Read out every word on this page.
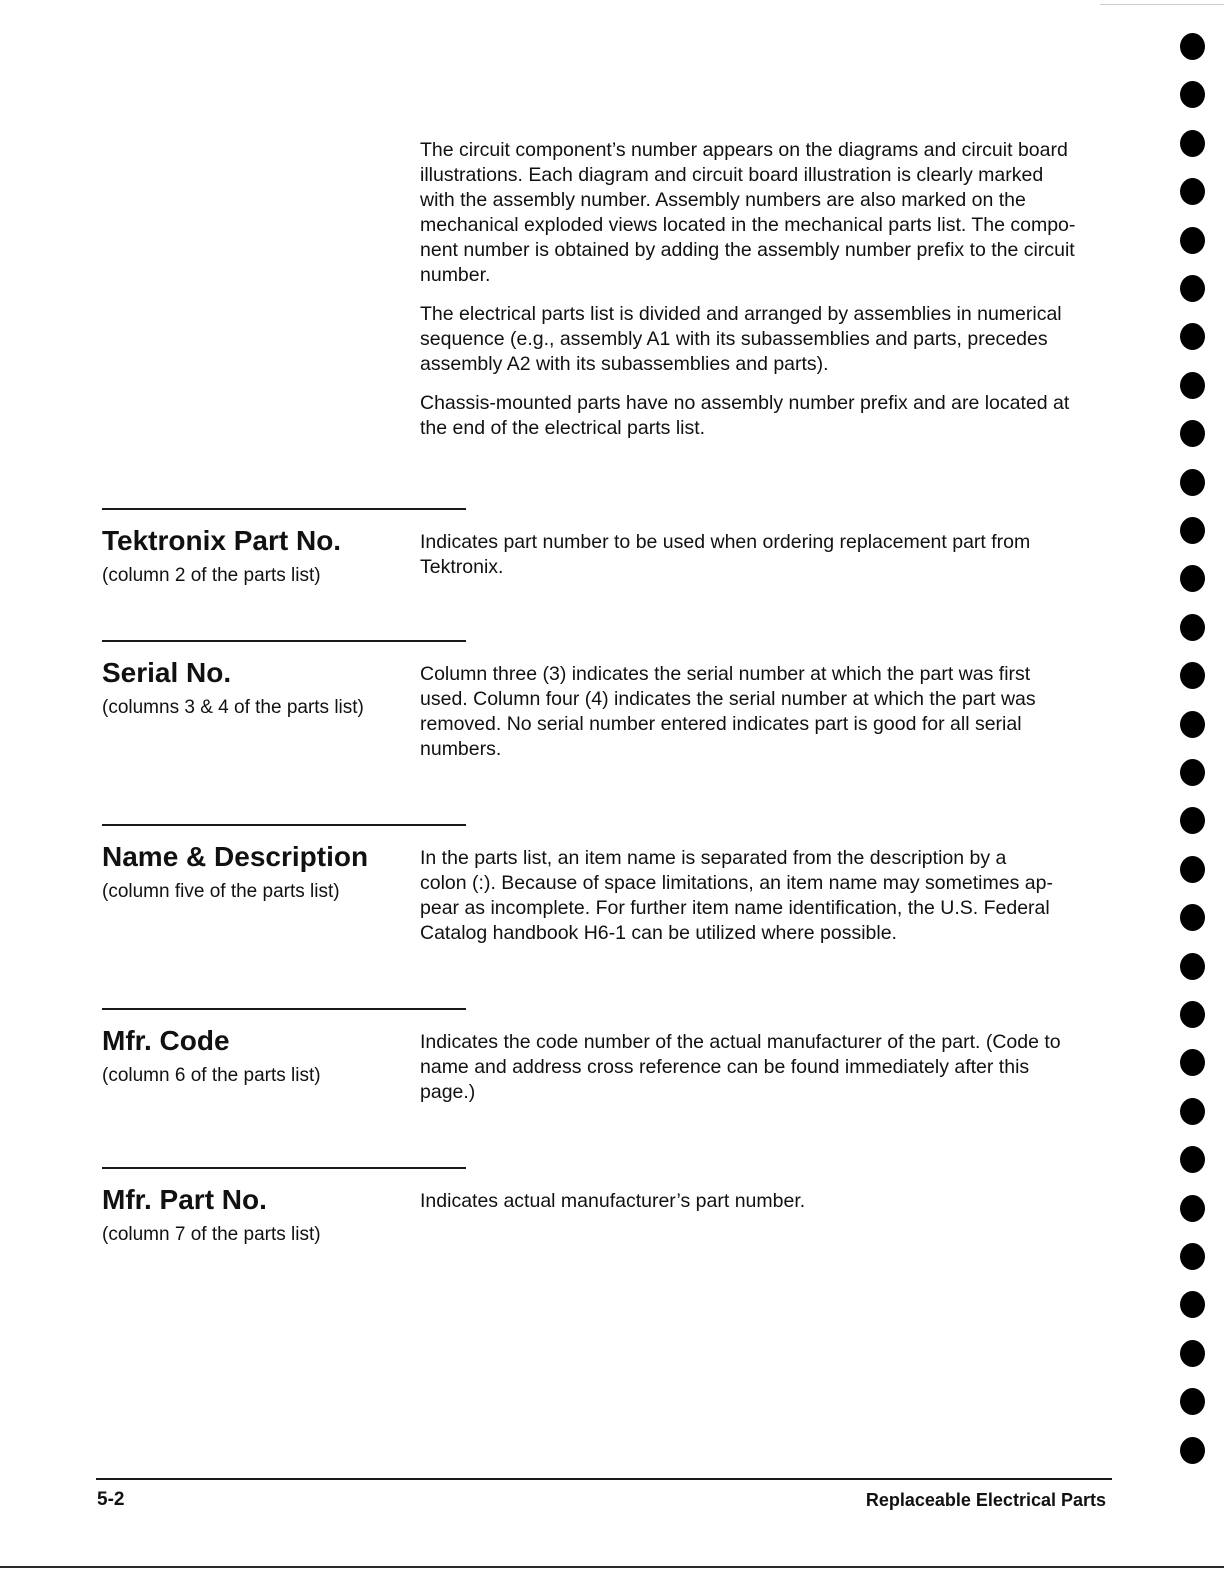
The circuit component’s number appears on the diagrams and circuit board
illustrations. Each diagram and circuit board illustration is clearly marked
with the assembly number. Assembly numbers are also marked on the
mechanical exploded views located in the mechanical parts list. The compo-
nent number is obtained by adding the assembly number prefix to the circuit
number.

The electrical parts list is divided and arranged by assemblies in numerical
sequence (e.g., assembly A1 with its subassemblies and parts, precedes
assembly A2 with its subassemblies and parts).

Chassis-mounted parts have no assembly number prefix and are located at
the end of the electrical parts list.

Tektronix Part No.
(column 2 of the parts list)
Indicates part number to be used when ordering replacement part from
Tektronix.
Serial No.
(columns 3 & 4 of the parts list)
Column three (3) indicates the serial number at which the part was first
used. Column four (4) indicates the serial number at which the part was
removed. No serial number entered indicates part is good for all serial
numbers.
Name & Description
(column five of the parts list)
In the parts list, an item name is separated from the description by a
colon (:). Because of space limitations, an item name may sometimes ap-
pear as incomplete. For further item name identification, the U.S. Federal
Catalog handbook H6-1 can be utilized where possible.
Mfr. Code
(column 6 of the parts list)
Indicates the code number of the actual manufacturer of the part. (Code to
name and address cross reference can be found immediately after this
page.)
Mfr. Part No.
(column 7 of the parts list)
Indicates actual manufacturer’s part number.
5-2	Replaceable Electrical Parts
